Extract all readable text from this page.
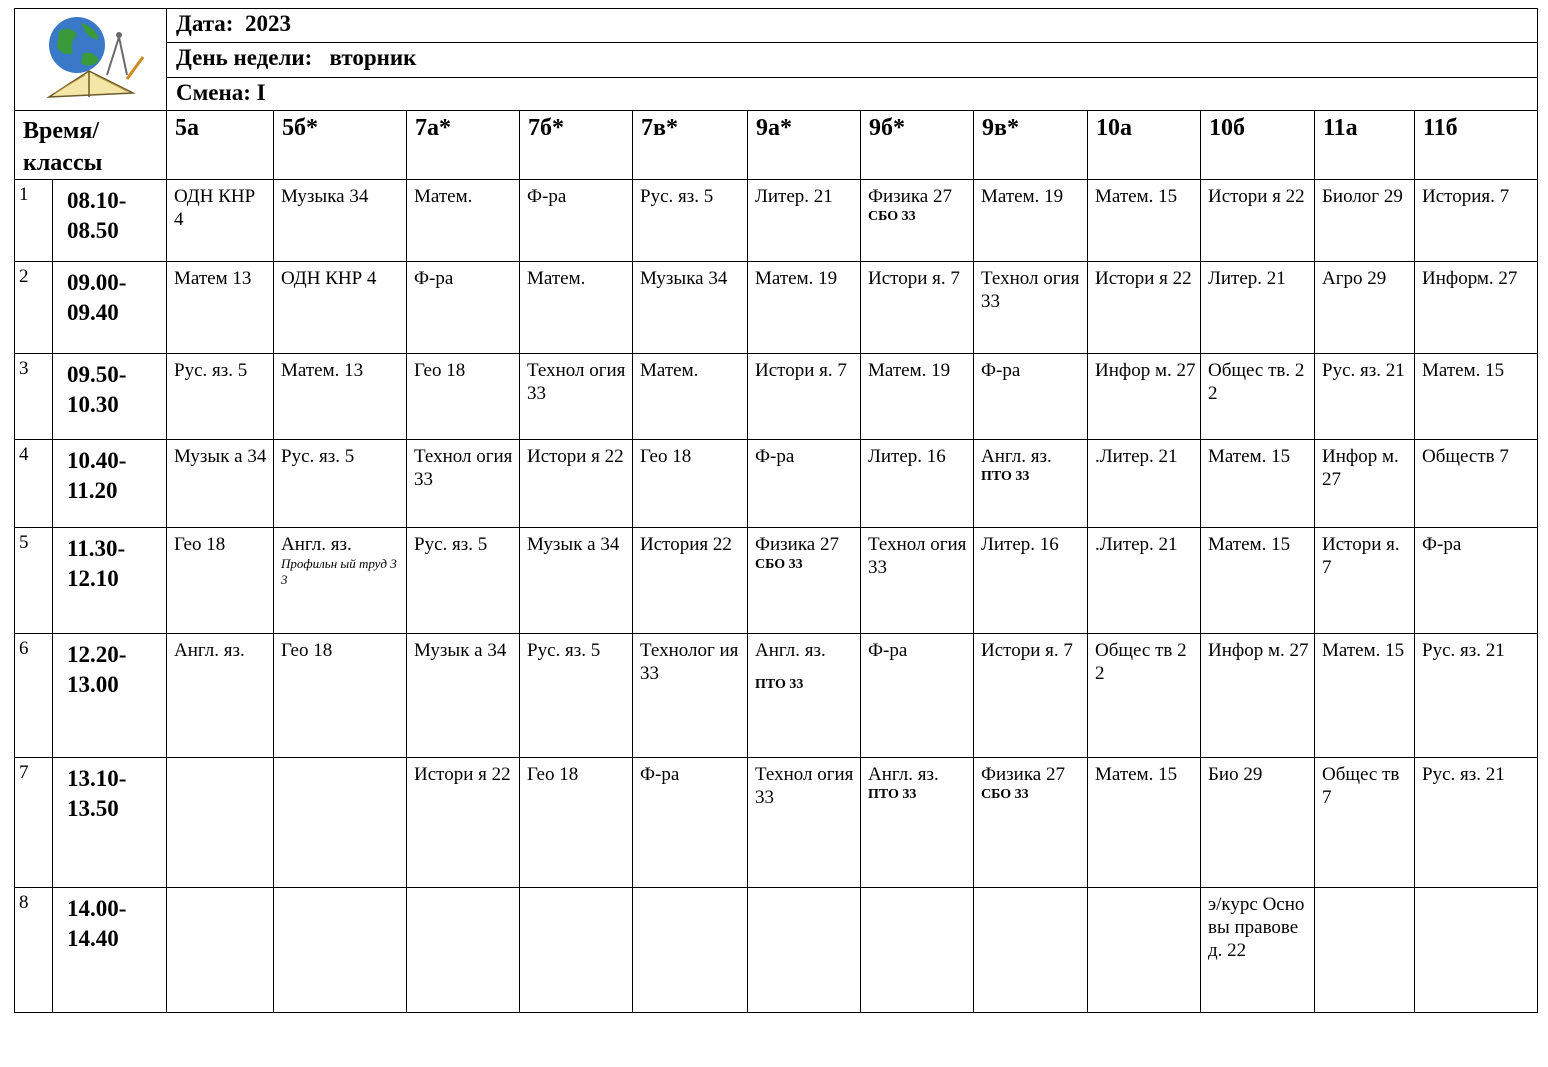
Дата:  2023											

		День недели:   вторник											

		Смена: I											

Время/ классы		5а	5б*	7а*	7б*	7в*	9а*	9б*	9в*	10а	10б	11а	11б

1	08.10- 08.50	ОДН КНР 4	Музыка 34	Матем.	Ф-ра	Рус. яз. 5	Литер. 21	Физика 27
СБО 33	Матем. 19	Матем. 15	Истори я 22	Биолог 29	История. 7

2	09.00- 09.40	Матем 13	ОДН КНР 4	Ф-ра	Матем.	Музыка 34	Матем. 19	Истори я. 7	Технол огия 33	Истори я 22	Литер. 21	Агро 29	Информ. 27

3	09.50- 10.30	Рус. яз. 5	Матем. 13	Гео 18	Технол огия 33	Матем.	Истори я. 7	Матем. 19	Ф-ра	Инфор м. 27	Общес тв. 22	Рус. яз. 21	Матем. 15

4	10.40- 11.20	Музык а 34	Рус. яз. 5	Технол огия 33	Истори я 22	Гео 18	Ф-ра	Литер. 16	Англ. яз.
ПТО 33	.Литер. 21	Матем. 15	Инфор м. 27	Обществ 7

5	11.30- 12.10	Гео 18	Англ. яз.
Профильн ый труд 33	Рус. яз. 5	Музык а 34	История 22	Физика 27
СБО 33	Технол огия 33	Литер. 16	.Литер. 21	Матем. 15	Истори я. 7	Ф-ра

6	12.20- 13.00	Англ. яз.	Гео 18	Музык а 34	Рус. яз. 5	Технолог ия 33	Англ. яз.
ПТО 33	Ф-ра	Истори я. 7	Общес тв 22	Инфор м. 27	Матем. 15	Рус. яз. 21

7	13.10- 13.50			Истори я 22	Гео 18	Ф-ра	Технол огия 33	Англ. яз.
ПТО 33	Физика 27
СБО 33	Матем. 15	Био 29	Общес тв 7	Рус. яз. 21

8	14.00- 14.40										э/курс Основы правове д. 22		
